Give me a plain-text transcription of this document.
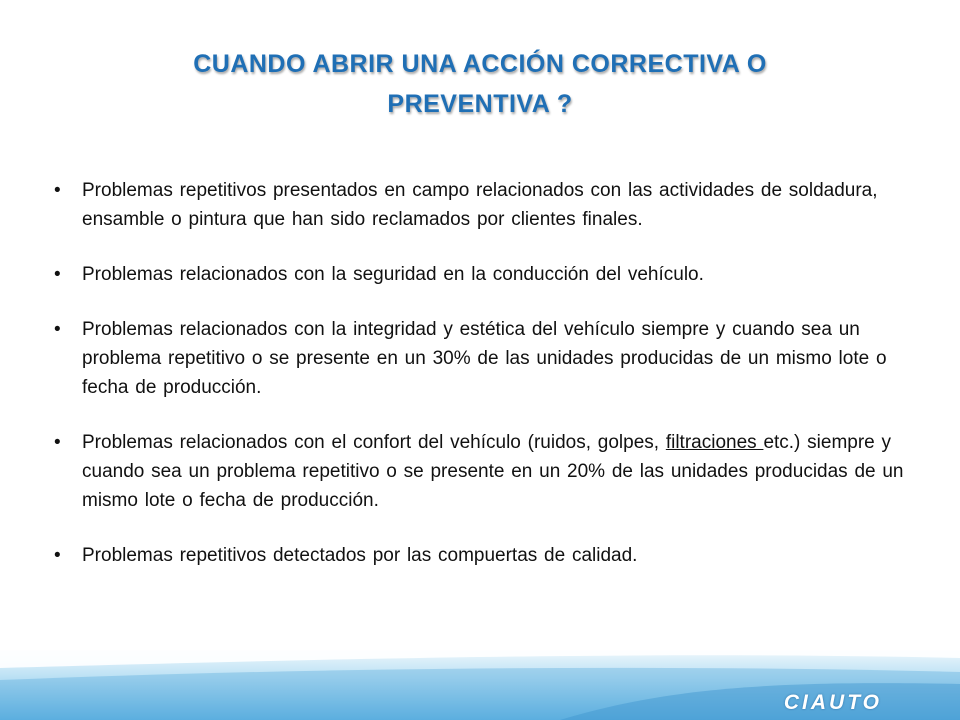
CUANDO ABRIR UNA ACCIÓN CORRECTIVA O
PREVENTIVA ?
•	Problemas repetitivos presentados en campo relacionados con las actividades de soldadura, ensamble o pintura que han sido reclamados por clientes finales.
•	Problemas relacionados con la seguridad en la conducción del vehículo.
•	Problemas relacionados con la integridad y estética del vehículo siempre y cuando sea un problema repetitivo o se presente en un 30% de las unidades producidas de un mismo lote o fecha de producción.
•	Problemas relacionados con el confort del vehículo (ruidos, golpes, filtraciones etc.) siempre y cuando sea un problema repetitivo o se presente en un 20% de las unidades producidas de un mismo lote o fecha de producción.
•	Problemas repetitivos detectados por las compuertas de calidad.
CIAUTO
